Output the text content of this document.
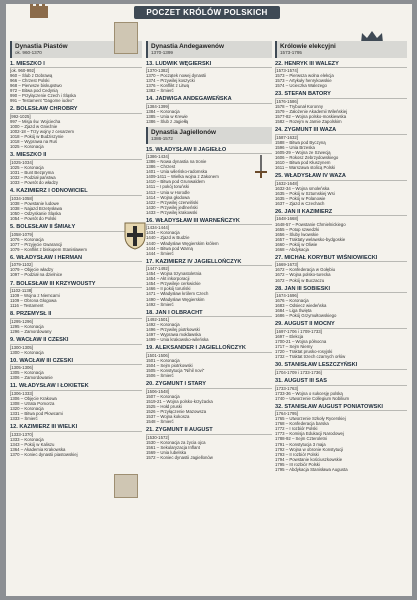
POCZET KRÓLÓW POLSKICH
Dynastia Piastów
ok. 960-1370
1. MIESZKO I
[ok. 960-992]
960 – Ślub z Dobrawą
966 – Chrzest Polski
968 – Pierwsze biskupstwo
972 – Bitwa pod Cedynią
990 – Przyłączenie Czech i Śląska
991 – Testament "Dagome iudex"
2. BOLESŁAW CHROBRY
[992-1025]
997 – Misja św. Wojciecha
1000 – Zjazd w Gnieźnie
1002-18 – Trzy wojny z cesarzem
1018 – Pokój w Budziszynie
1018 – Wyprawa na Ruś
1025 – Koronacja
3. MIESZKO II
[1025-1034]
1025 – Koronacja
1031 – Bunt Bezpryma
1032 – Podział państwa
1033 – Powrót do władzy
4. KAZIMIERZ I ODNOWICIEL
[1034-1058]
1038 – Powstanie ludowe
1038 – Najazd Brzetysława
1050 – Odzyskanie Śląska
1054 – Powrót do Polski
5. BOLESŁAW II ŚMIAŁY
[1058-1079]
1076 – Koronacja
1077 – Przyjęcie Gwarancji
1079 – Konflikt z biskupem Stanisławem
6. WŁADYSŁAW I HERMAN
[1079-1102]
1079 – Objęcie władzy
1097 – Podział na dzielnice
7. BOLESŁAW III KRZYWOUSTY
[1102-1138]
1109 – Wojna z Niemcami
1109 – Obrona Głogowa
1116 – Testament
8. PRZEMYSŁ II
[1295-1296]
1295 – Koronacja
1296 – Zamordowany
9. WACŁAW II CZESKI
[1300-1305]
1300 – Koronacja
10. WACŁAW III CZESKI
[1305-1306]
1305 – Koronacja
1306 – Zamordowanie
11. WŁADYSŁAW I ŁOKIETEK
[1306-1333]
1306 – Objęcie Krakowa
1308 – Utrata Pomorza
1320 – Koronacja
1331 – Bitwa pod Płowcami
1333 – Śmierć
12. KAZIMIERZ III WIELKI
[1333-1370]
1333 – Koronacja
1343 – Pokój w Kaliszu
1364 – Akademia Krakowska
1370 – Koniec dynastii piastowskiej
Dynastia Andegawenów
1370-1399
13. LUDWIK WĘGIERSKI
[1370-1382]
1370 – Początek nowej dynastii
1374 – Przywilej koszycki
1376 – Konflikt z Litwą
1382 – Śmierć
14. JADWIGA ANDEGAWEŃSKA
[1384-1399]
1384 – Koronacja
1385 – Unia w Krewie
1386 – Ślub z Jagiełłą
Dynastia Jagiellonów
1386-1572
15. WŁADYSŁAW II JAGIEŁŁO
[1386-1434]
1386 – Nowa dynastia na tronie
1386 – Chrzest
1401 – Unia wileńsko-radomska
1409-1411 – Wielka wojna z Zakonem
1410 – Bitwa pod Grunwaldem
1411 – I pokój toruński
1413 – Unia w Horodle
1414 – Wojna głodowa
1422 – Przywilej czerwiński
1430 – Przywilej jedlneński
1433 – Przywilej krakowski
16. WŁADYSŁAW III WARNEŃCZYK
[1434-1444]
1434 – Koronacja
1440 – Zjazd w Budzie
1440 – Władysław Węgierskim królem
1444 – Bitwa pod Warną
1444 – Śmierć
17. KAZIMIERZ IV JAGIELLOŃCZYK
[1447-1492]
1454 – Wojna trzynastoletnia
1454 – Akt inkorporacji
1454 – Przywileje cerkwickie
1466 – II pokój toruński
1471 – Władysław królem Czech
1490 – Władysław Węgierskim
1492 – Śmierć
18. JAN I OLBRACHT
[1492-1501]
1492 – Koronacja
1496 – Przywilej piotrkowski
1497 – Wyprawa mołdawska
1499 – Unia krakowsko-wileńska
19. ALEKSANDER I JAGIELLOŃCZYK
[1501-1506]
1501 – Koronacja
1504 – Sejm piotrkowski
1505 – Konstytucja "Nihil novi"
1506 – Śmierć
20. ZYGMUNT I STARY
[1506-1548]
1507 – Koronacja
1519-21 – Wojna polsko-krzyżacka
1525 – Hołd pruski
1526 – Przyłączenie Mazowsza
1537 – Wojna kokosza
1548 – Śmierć
21. ZYGMUNT II AUGUST
[1530-1572]
1530 – Koronacja za życia ojca
1561 – Sekularyzacja Inflant
1569 – Unia lubelska
1572 – Koniec dynastii Jagiellonów
Królowie elekcyjni
1573-1795
22. HENRYK III WALEZY
[1573-1574]
1573 – Pierwsza wolna elekcja
1573 – Artykuły henrykowskie
1574 – Ucieczka Walezego
23. STEFAN BATORY
[1576-1586]
1578 – Trybunał Koronny
1579 – Założenie Akademii Wileńskiej
1577-82 – Wojna polsko-moskiewska
1582 – Rozejm w Jamie Zapolskim
24. ZYGMUNT III WAZA
[1587-1632]
1588 – Bitwa pod Byczyną
1596 – Unia Brzeska
1605-29 – Wojna ze Szwecją
1606 – Rokosz Zebrzydowskiego
1610 – Bitwa pod Kłuszynem
1611 – Warszawa stolicą Polski
25. WŁADYSŁAW IV WAZA
[1632-1648]
1632-34 – Wojna smoleńska
1635 – Pokój w Sztumskiej Wsi
1635 – Pokój w Polanowie
1637 – Zjazd w Czechach
26. JAN II KAZIMIERZ
[1648-1668]
1648-57 – Powstanie Chmielnickiego
1655 – Potop szwedzki
1656 – Śluby lwowskie
1657 – Traktaty welawsko-bydgoskie
1660 – Pokój w Oliwie
1668 – Abdykacja
27. MICHAŁ KORYBUT WIŚNIOWIECKI
[1669-1673]
1672 – Konfederacja w Gołębiu
1672 – Wojna polsko-turecka
1672 – Pokój w Buczaczu
28. JAN III SOBIESKI
[1674-1696]
1676 – Koronacja
1683 – Odsiecz wiedeńska
1684 – Liga Święta
1686 – Pokój Grzymułtowskiego
29. AUGUST II MOCNY
[1697-1706 i 1709-1733]
1697 – Elekcja
1700-21 – Wojna północna
1717 – Sejm Niemy
1720 – Traktat prusko-rosyjski
1732 – Traktat trzech czarnych orłów
30. STANISŁAW LESZCZYŃSKI
[1704-1709 i 1733-1736]
31. AUGUST III SAS
[1733-1763]
1733-36 – Wojna o sukcesję polską
1740 – Utworzenie Collegium Nobilium
32. STANISŁAW AUGUST PONIATOWSKI
[1764-1795]
1765 – Utworzenie Szkoły Rycerskiej
1768 – Konfederacja barska
1772 – I rozbiór Polski
1773 – Komisja Edukacji Narodowej
1788-92 – Sejm Czteroletni
1791 – Konstytucja 3 maja
1792 – Wojna w obronie Konstytucji
1793 – II rozbiór Polski
1794 – Powstanie kościuszkowskie
1795 – III rozbiór Polski
1795 – Abdykacja Stanisława Augusta
